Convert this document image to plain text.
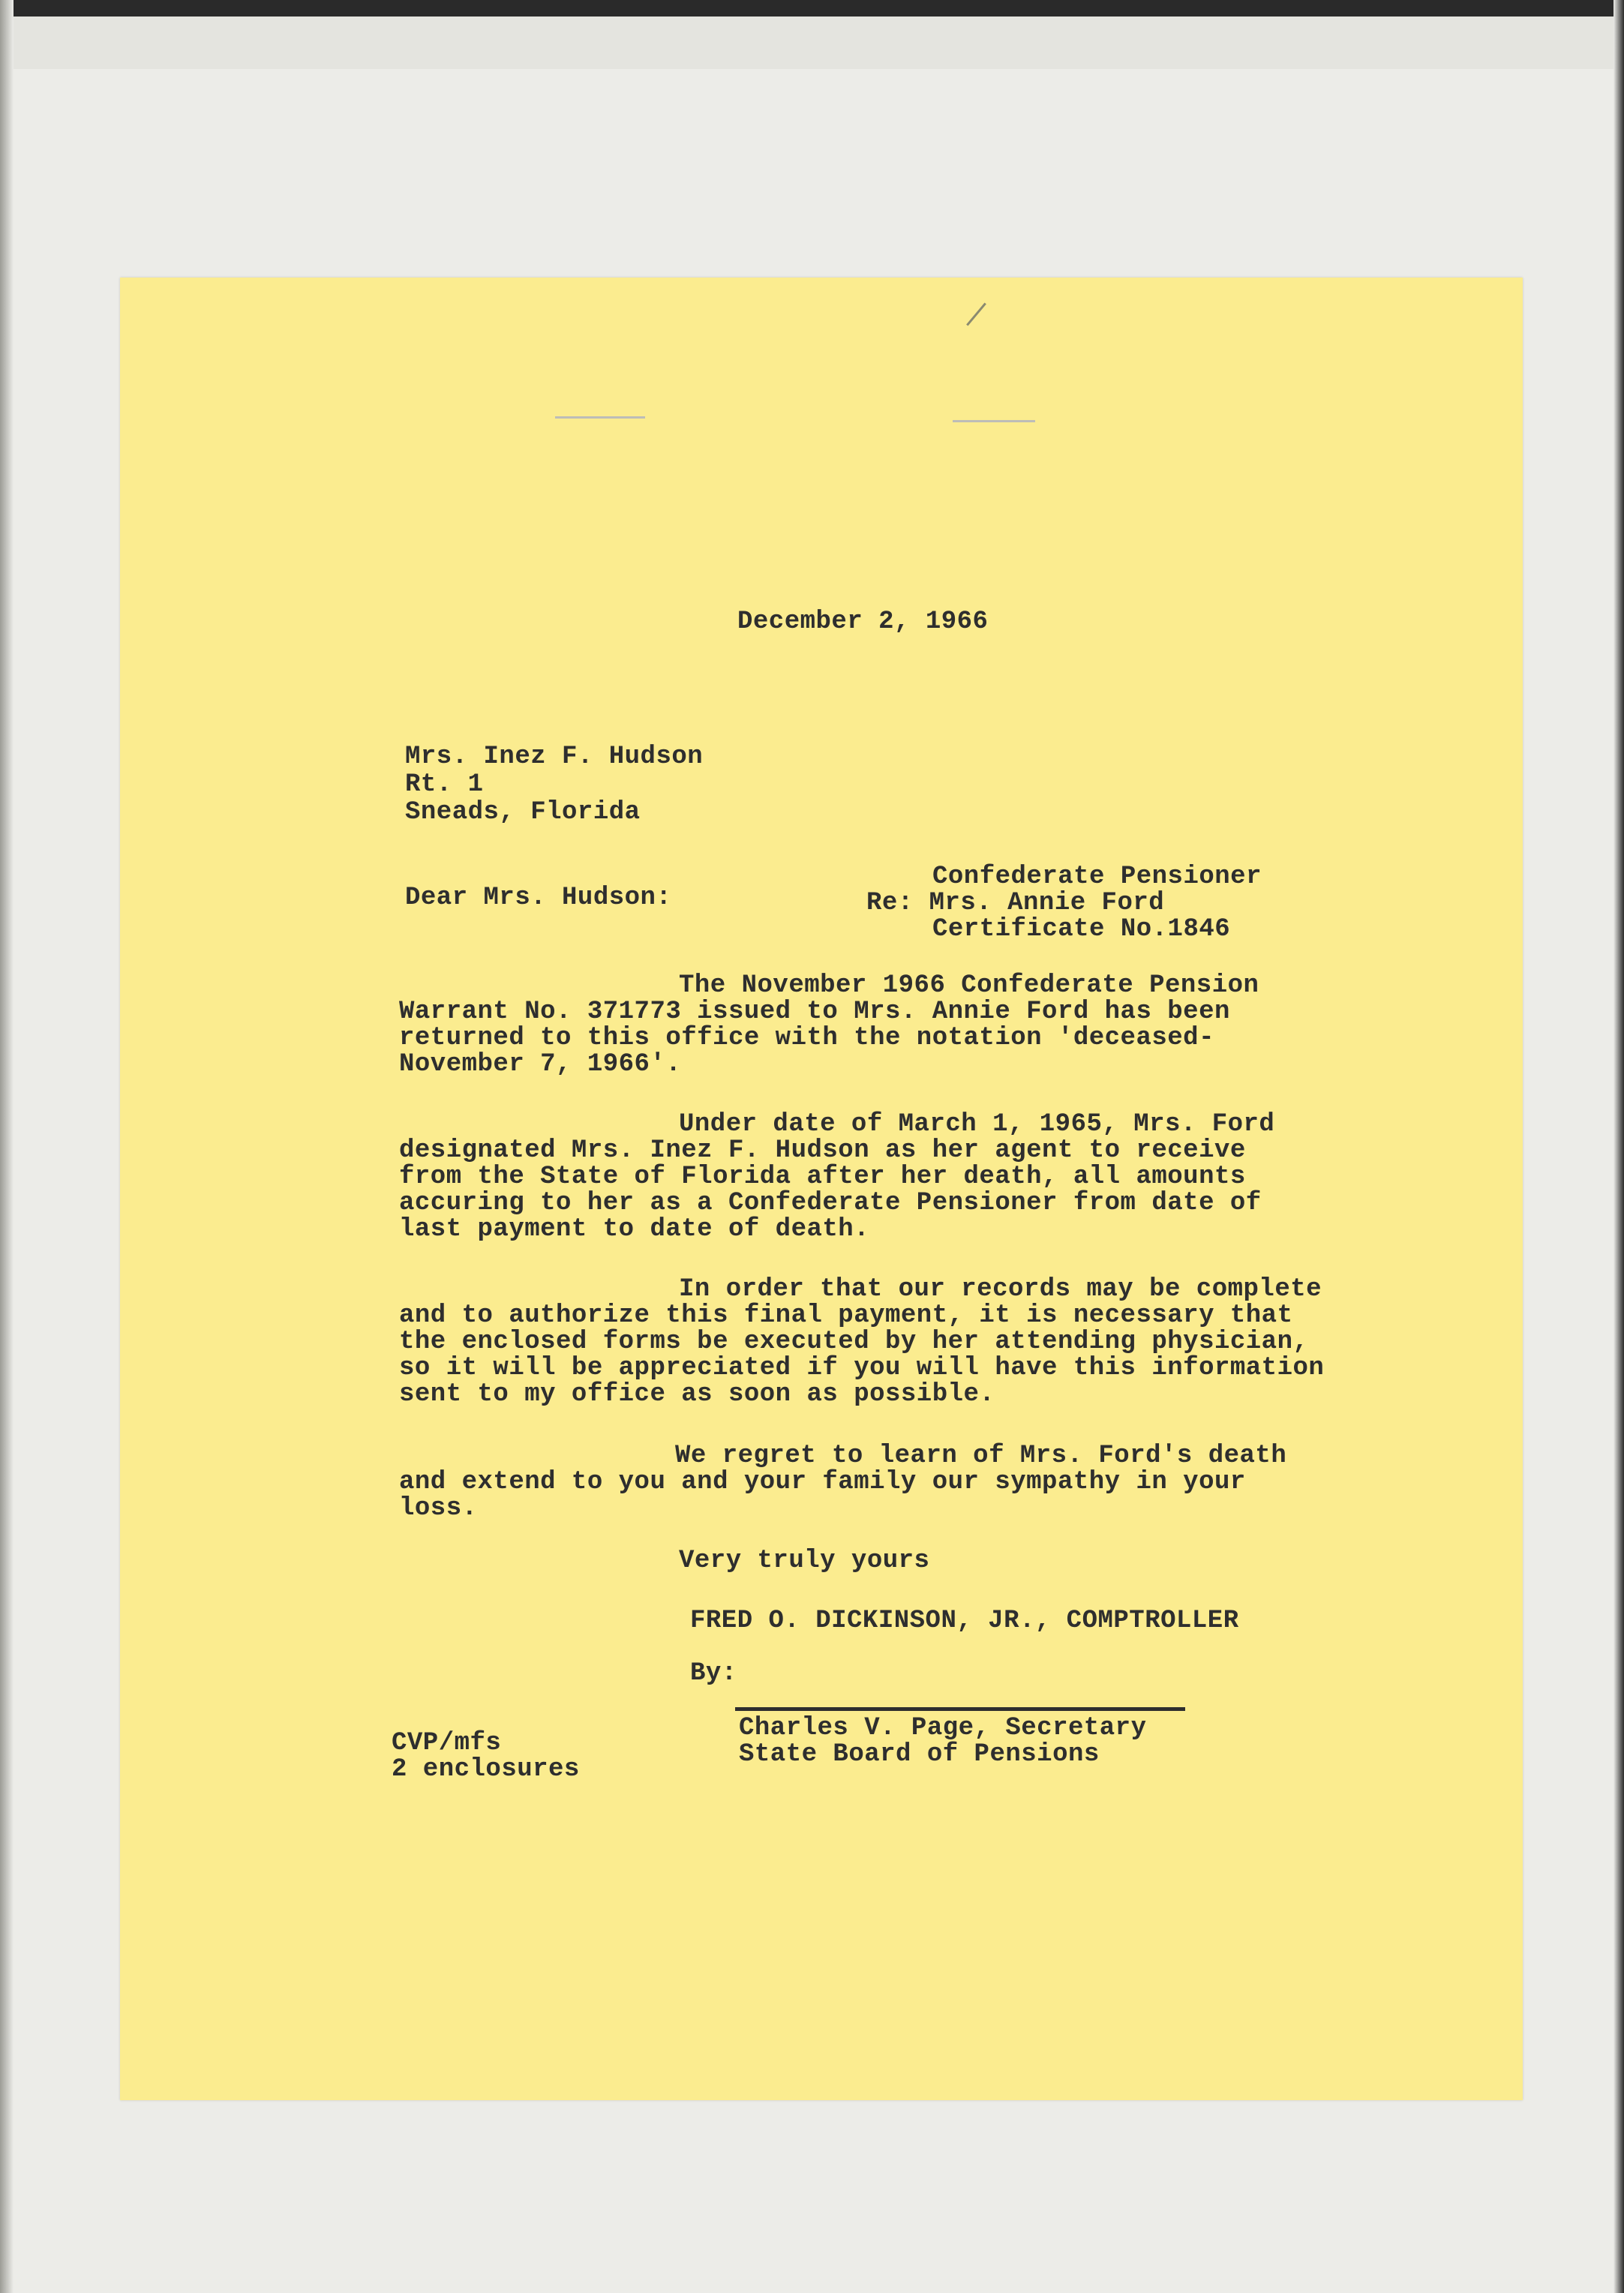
December 2, 1966
Mrs. Inez F. Hudson
Rt. 1
Sneads, Florida
Confederate Pensioner
Re: Mrs. Annie Ford
Certificate No.1846
Dear Mrs. Hudson:
The November 1966 Confederate Pension
Warrant No. 371773 issued to Mrs. Annie Ford has been
returned to this office with the notation 'deceased-
November 7, 1966'.
Under date of March 1, 1965, Mrs. Ford
designated Mrs. Inez F. Hudson as her agent to receive
from the State of Florida after her death, all amounts
accuring to her as a Confederate Pensioner from date of
last payment to date of death.
In order that our records may be complete
and to authorize this final payment, it is necessary that
the enclosed forms be executed by her attending physician,
so it will be appreciated if you will have this information
sent to my office as soon as possible.
We regret to learn of Mrs. Ford's death
and extend to you and your family our sympathy in your
loss.
Very truly yours
FRED O. DICKINSON, JR., COMPTROLLER
By:
Charles V. Page, Secretary
State Board of Pensions
CVP/mfs
2 enclosures
